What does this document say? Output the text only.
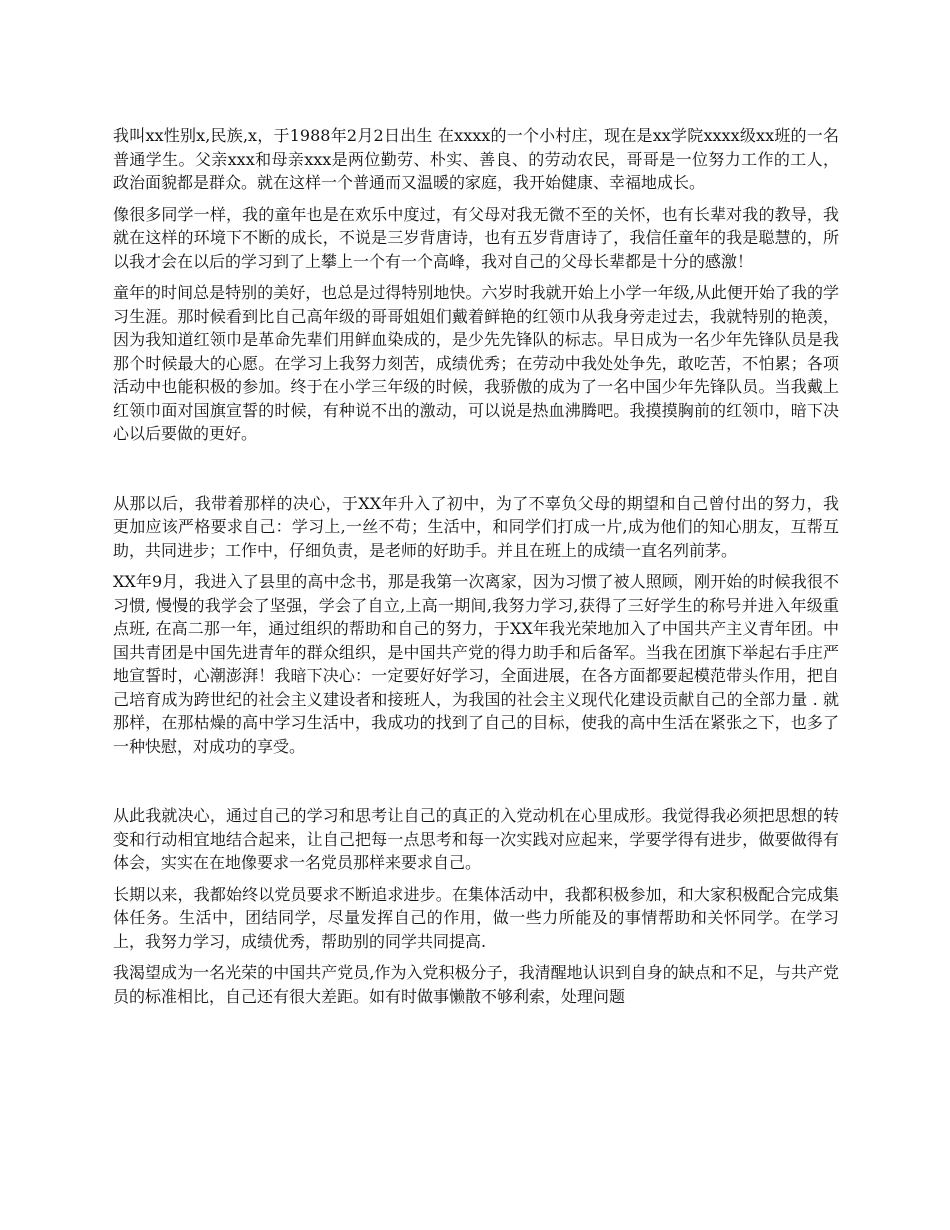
我叫xx性别x,民族,x，于1988年2月2日出生 在xxxx的一个小村庄，现在是xx学院xxxx级xx班的一名普通学生。父亲xxx和母亲xxx是两位勤劳、朴实、善良、的劳动农民，哥哥是一位努力工作的工人，政治面貌都是群众。就在这样一个普通而又温暖的家庭，我开始健康、幸福地成长。

像很多同学一样，我的童年也是在欢乐中度过，有父母对我无微不至的关怀，也有长辈对我的教导，我就在这样的环境下不断的成长，不说是三岁背唐诗，也有五岁背唐诗了，我信任童年的我是聪慧的，所以我才会在以后的学习到了上攀上一个有一个高峰，我对自己的父母长辈都是十分的感激！

童年的时间总是特别的美好，也总是过得特别地快。六岁时我就开始上小学一年级,从此便开始了我的学习生涯。那时候看到比自己高年级的哥哥姐姐们戴着鲜艳的红领巾从我身旁走过去，我就特别的艳羡，因为我知道红领巾是革命先辈们用鲜血染成的，是少先先锋队的标志。早日成为一名少年先锋队员是我那个时候最大的心愿。在学习上我努力刻苦，成绩优秀；在劳动中我处处争先，敢吃苦，不怕累；各项活动中也能积极的参加。终于在小学三年级的时候，我骄傲的成为了一名中国少年先锋队员。当我戴上红领巾面对国旗宣誓的时候，有种说不出的激动，可以说是热血沸腾吧。我摸摸胸前的红领巾，暗下决心以后要做的更好。

从那以后，我带着那样的决心，于XX年升入了初中，为了不辜负父母的期望和自己曾付出的努力，我更加应该严格要求自己：学习上,一丝不苟；生活中，和同学们打成一片,成为他们的知心朋友，互帮互助，共同进步；工作中，仔细负责，是老师的好助手。并且在班上的成绩一直名列前茅。

XX年9月，我进入了县里的高中念书，那是我第一次离家，因为习惯了被人照顾，刚开始的时候我很不习惯, 慢慢的我学会了坚强，学会了自立,上高一期间,我努力学习,获得了三好学生的称号并进入年级重点班, 在高二那一年，通过组织的帮助和自己的努力，于XX年我光荣地加入了中国共产主义青年团。中国共青团是中国先进青年的群众组织，是中国共产党的得力助手和后备军。当我在团旗下举起右手庄严地宣誓时，心潮澎湃！我暗下决心：一定要好好学习，全面进展，在各方面都要起模范带头作用，把自己培育成为跨世纪的社会主义建设者和接班人，为我国的社会主义现代化建设贡献自己的全部力量 . 就那样，在那枯燥的高中学习生活中，我成功的找到了自己的目标，使我的高中生活在紧张之下，也多了一种快慰，对成功的享受。

从此我就决心，通过自己的学习和思考让自己的真正的入党动机在心里成形。我觉得我必须把思想的转变和行动相宜地结合起来，让自己把每一点思考和每一次实践对应起来，学要学得有进步，做要做得有体会，实实在在地像要求一名党员那样来要求自己。

长期以来，我都始终以党员要求不断追求进步。在集体活动中，我都积极参加，和大家积极配合完成集体任务。生活中，团结同学，尽量发挥自己的作用，做一些力所能及的事情帮助和关怀同学。在学习上，我努力学习，成绩优秀，帮助别的同学共同提高.

我渴望成为一名光荣的中国共产党员,作为入党积极分子，我清醒地认识到自身的缺点和不足，与共产党员的标准相比，自己还有很大差距。如有时做事懒散不够利索，处理问题
